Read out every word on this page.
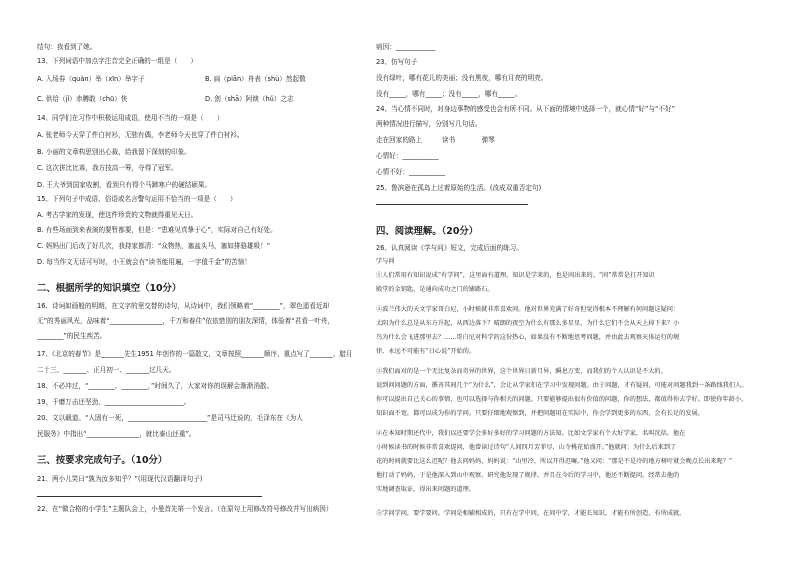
结句：我看到了她。
13、下列词语中加点字注音完全正确的一组是（　　）
A. 入场券（quàn）举（xīn）举字子	B. 扁（piān）舟表（shù）然起敬
C. 供给（jǐ）赤膊敢（chū）快	D. 刽（shā）阿谀（hǔ）之志
14、同学们在习作中积极运用成语，使用不当的一项是（　　）
A. 张老师今天穿了件白衬衫，无独有偶，李老师今天也穿了件白衬衫。
B. 小丽的文章构思别出心裁，给我留下深刻的印象。
C. 这次拼比比赛，我方技高一筹，夺得了冠军。
D. 王大爷到国家收割，看到只有得个马蹄寒户的硬结硕果。
15、下列句子中成语、俗语或名言警句运用不恰当的一项是（　　）
A. 考古学家的发现，使这件珍贵的文物就得重见天日。
B. 有些场面到来表演的要暂都要，但是：“患难见真挚于心”，实际对自己有好处。
C. 妈妈出门后改了好几次，我持家都清：“众物热，塞盆头马，塞如排骆雄吸！”
D. 每当作文无话可写时，小王就会有“读书能用遍，一字值千金”的苦恼！
二、根据所学的知识填空（10分）
16、诗词如画般的明朗，在文字的里交替的诗句，从诗词中，我们领略着“________”，翠色遥看近却
无”的秀丽风光，品味着“________________，千万和春住”依依惜别的朋友深情，体验着“君看一叶舟，
________”的民生疾苦。
17、《北京的春节》是_______先生1951 年创作的一篇散文，文章按照_______顺序，重点写了_______、腊月
二十三、_______、正月初一、_______过几天。
18、不必冲过，“________、________，”时间久了，大家对你的误解会渐渐消散。
19、千磨万击还坚劲，________________________。
20、文以载道。“人固有一死，________________________”是司马迁说的，毛泽东在《为人
民服务》中指出“________________，就比泰山还重”。
三、按要求完成句子。（10分）
21、两小儿笑曰“孰为汝多知乎？”(用现代汉语翻译句子)
22、在“做合格的小学生”主题队会上，小曼首先第一个发言。（在原句上用修改符号修改并写出病因）
病因：____________
23、仿写句子
没有绿叶，哪有花儿的美丽；没有黑夜，哪有月亮的明亮。
没有_____，哪有_____；没有_____，哪有_____。
24、当心情不同时，对身边事物的感受也会有所不同。从下面的情境中选择一个，就心情“好”与“不好”
两种情况进行描写，分别写几句话。
走在回家的路上　　　读书　　　　弹琴
心情好：___________
心情不好：___________
25、鲁滨逊在孤岛上过着原始的生活。(改成双重否定句)
四、阅读理解。（20分）
26、认真阅读《学与问》短文，完成后面的练习。
学与问
①人们常用有知识说成“有学问”，这里面有道理。知识是学来的，也是问出来的。“问”常常是打开知识
殿堂的金钥匙，是通向成功之门的铺路石。
②波兰伟大的天文学家哥白尼，小时候就非常喜欢问。他对世界充满了好奇但觉得根本不理解有何问题这疑问：
太阳为什么总是从东方升起，从西边落下？晴朗的夜空为什么有那么多星星，为什么它们不会从天上掉下来？小
鸟为什么会飞进那里去？……哥白尼对科学的这份热心，如果没有不断地思考问题，并由此去观察天体运行的规
律，永远不可能有“日心说”开始的。
③我们面对的是一个无比复杂而奇异的世界，这个世界日新月异，瞬息万变，而我们的个人认识是不大的。
说到问问题的方面，循善其间几个“为什么”，会让从学家们在学习中发现问题。由于问题，才有疑问，可能对问题我到一条路线我们人。
你可以提出自己关心的事情，也可以选择与你相关的问题。只要能够提出很有价值的问题，你的想法，都值得你去学好。即使你年龄小，
知识面不宽，都可以成为你的学问。只要仔细地观察到，并把问题用在实际中，你会学到更多的东西，会有长足的发展。
④在本知时期还代中，我们以还要学会多好多好的学习问题的方法知。比如文学家有个大好学家，名叫沈括。他在
小时候读书的时候非常喜欢提问，他曾读过诗句“人间四月芳菲尽，山寺桃花始盛开。”他就问：为什么后来到了
花的时间就要比这么迟呢？他去问妈妈，妈妈说：“山里冷，所以开得迟嘛。”他又问：“那是不是冷的地方树叶就会晚点长出来呢？”
他打动了妈妈，于是他深入到山中观察，研究他发现了规律。并且在今后的学习中，他还不断提问，经常去他的
实地调查取证，得出来问题的道理。
⑤学问学问，要学要问。学问是相辅相成的，只有在学中问，在问中学，才能长知识，才能有所创造，有所成就。
